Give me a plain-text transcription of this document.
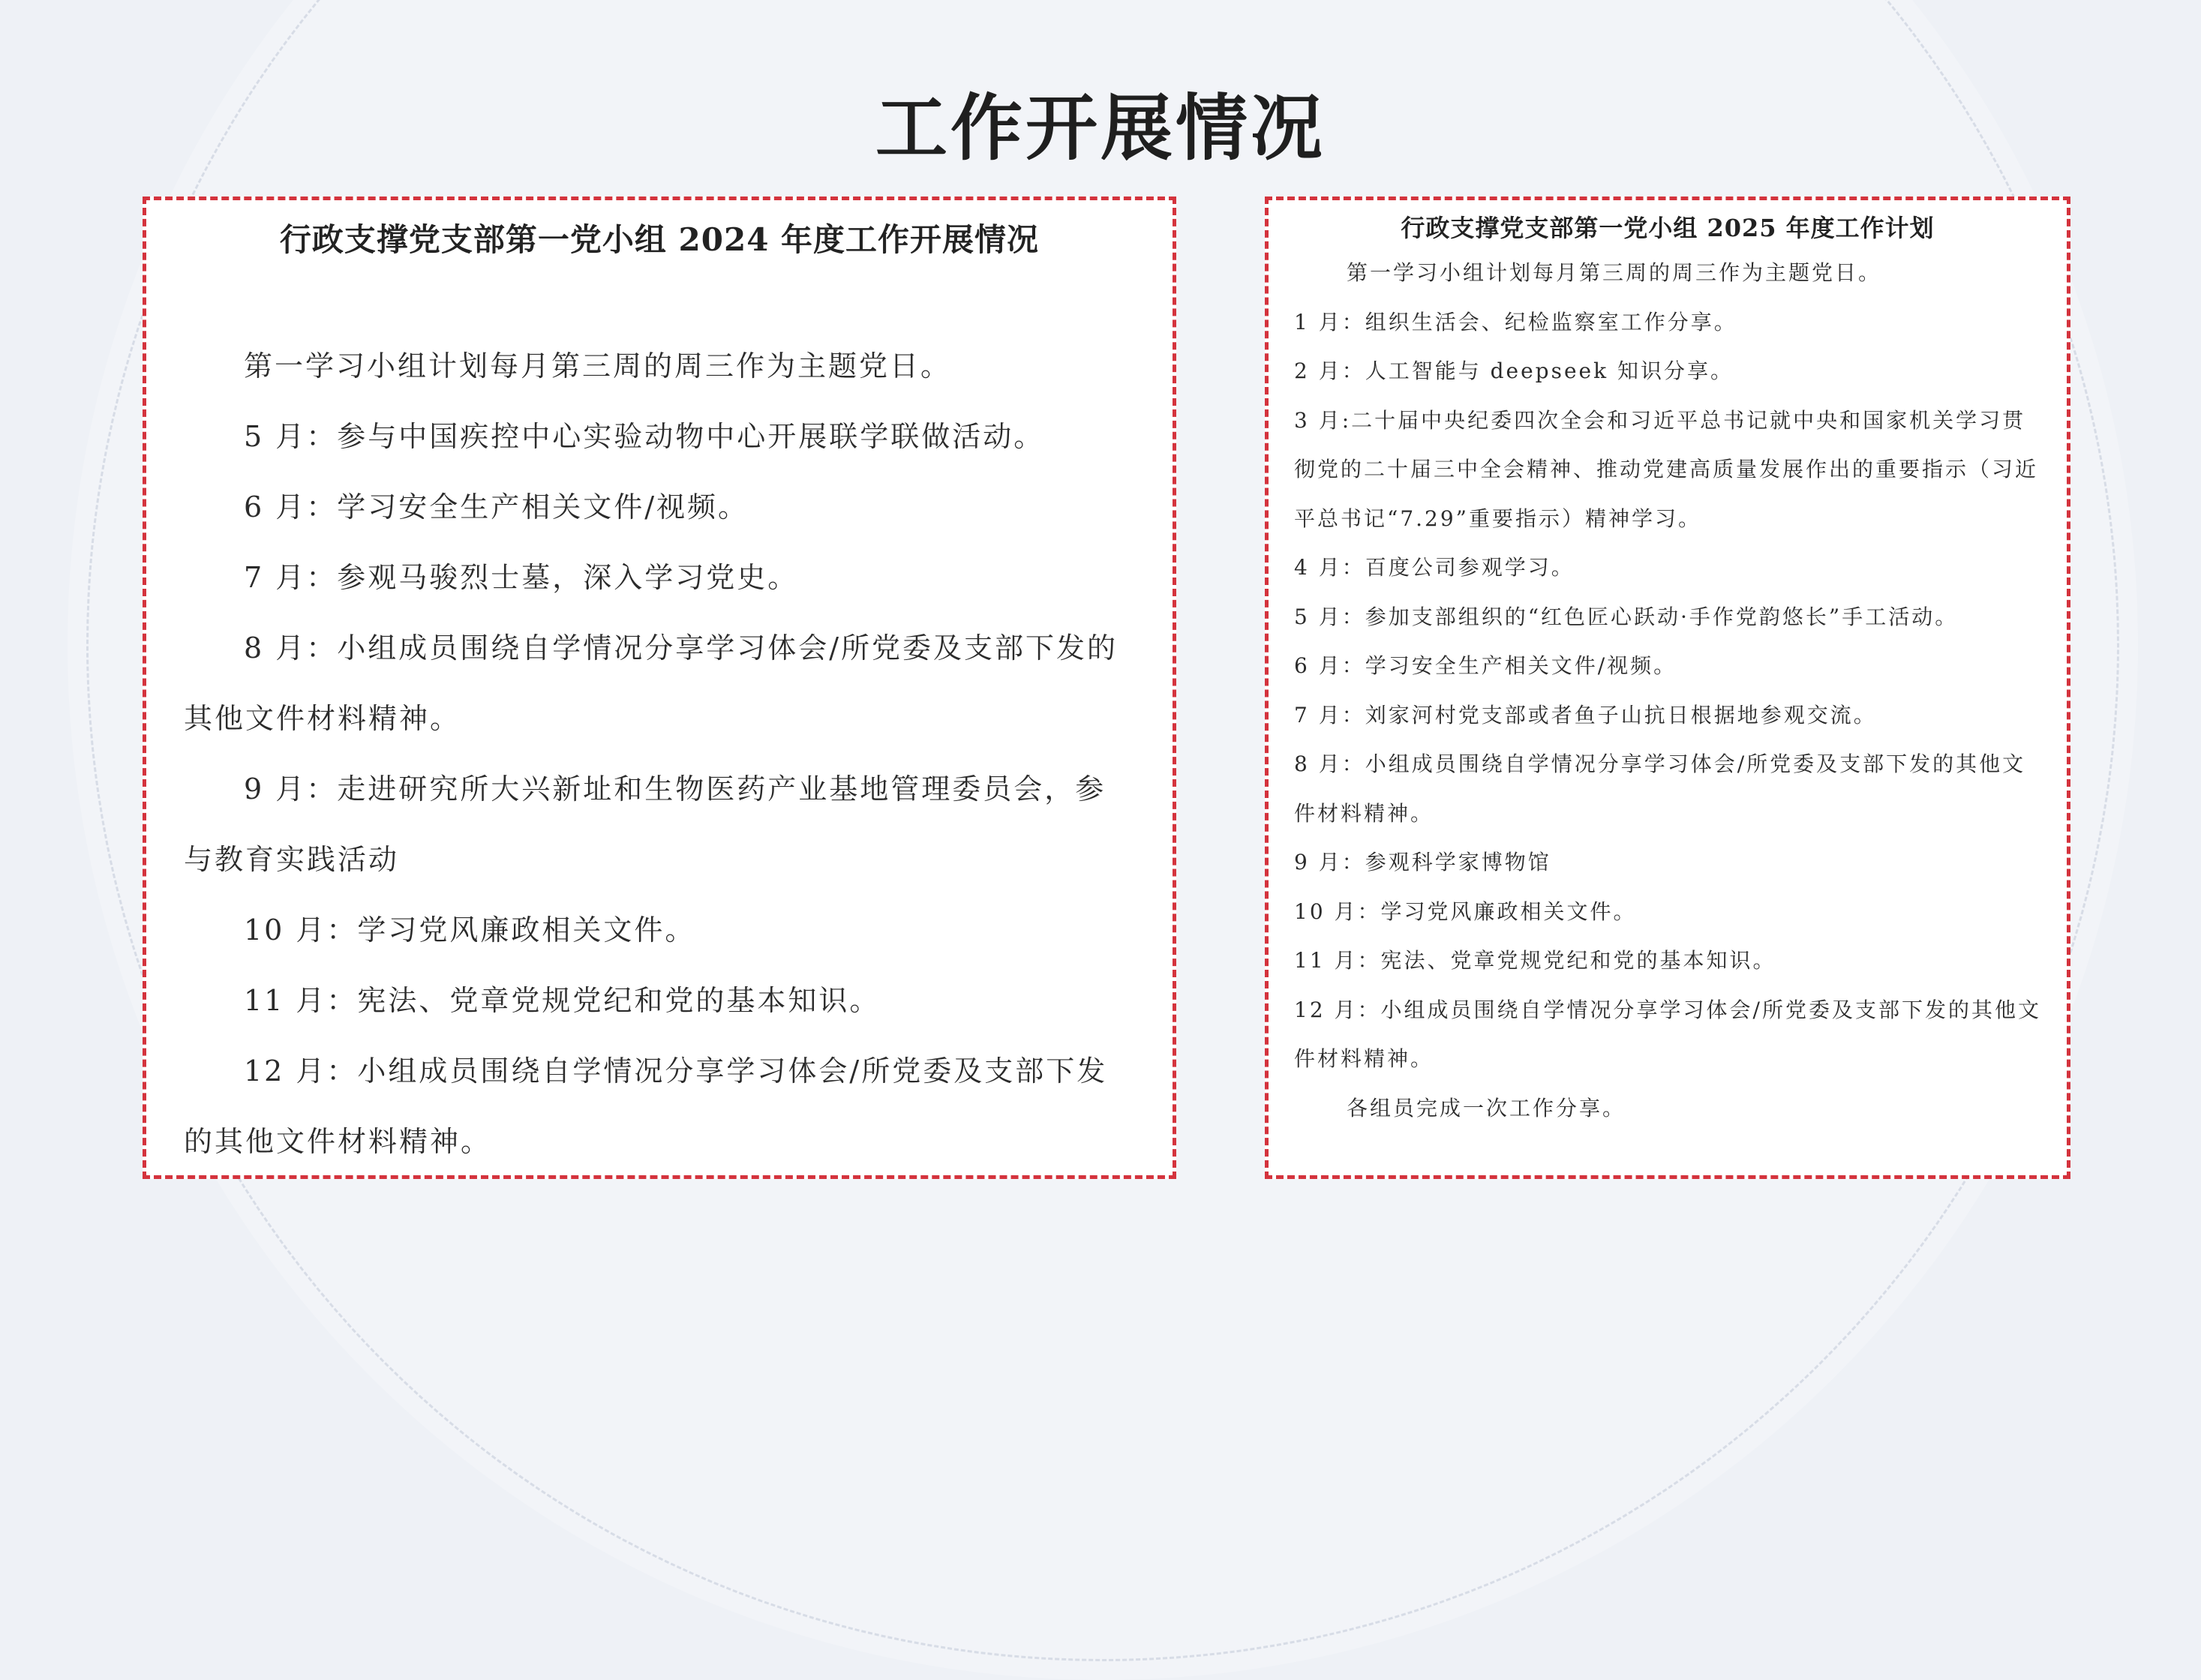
工作开展情况
行政支撑党支部第一党小组 2024 年度工作开展情况

第一学习小组计划每月第三周的周三作为主题党日。

5 月：参与中国疾控中心实验动物中心开展联学联做活动。

6 月：学习安全生产相关文件/视频。

7 月：参观马骏烈士墓，深入学习党史。

8 月：小组成员围绕自学情况分享学习体会/所党委及支部下发的其他文件材料精神。

9 月：走进研究所大兴新址和生物医药产业基地管理委员会，参与教育实践活动

10 月：学习党风廉政相关文件。

11 月：宪法、党章党规党纪和党的基本知识。

12 月：小组成员围绕自学情况分享学习体会/所党委及支部下发的其他文件材料精神。

行政支撑党支部第一党小组 2025 年度工作计划

第一学习小组计划每月第三周的周三作为主题党日。

1 月：组织生活会、纪检监察室工作分享。

2 月：人工智能与 deepseek 知识分享。

3 月:二十届中央纪委四次全会和习近平总书记就中央和国家机关学习贯彻党的二十届三中全会精神、推动党建高质量发展作出的重要指示（习近平总书记“7.29”重要指示）精神学习。

4 月：百度公司参观学习。

5 月：参加支部组织的“红色匠心跃动·手作党韵悠长”手工活动。

6 月：学习安全生产相关文件/视频。

7 月：刘家河村党支部或者鱼子山抗日根据地参观交流。

8 月：小组成员围绕自学情况分享学习体会/所党委及支部下发的其他文件材料精神。

9 月：参观科学家博物馆

10 月：学习党风廉政相关文件。

11 月：宪法、党章党规党纪和党的基本知识。

12 月：小组成员围绕自学情况分享学习体会/所党委及支部下发的其他文件材料精神。

各组员完成一次工作分享。
